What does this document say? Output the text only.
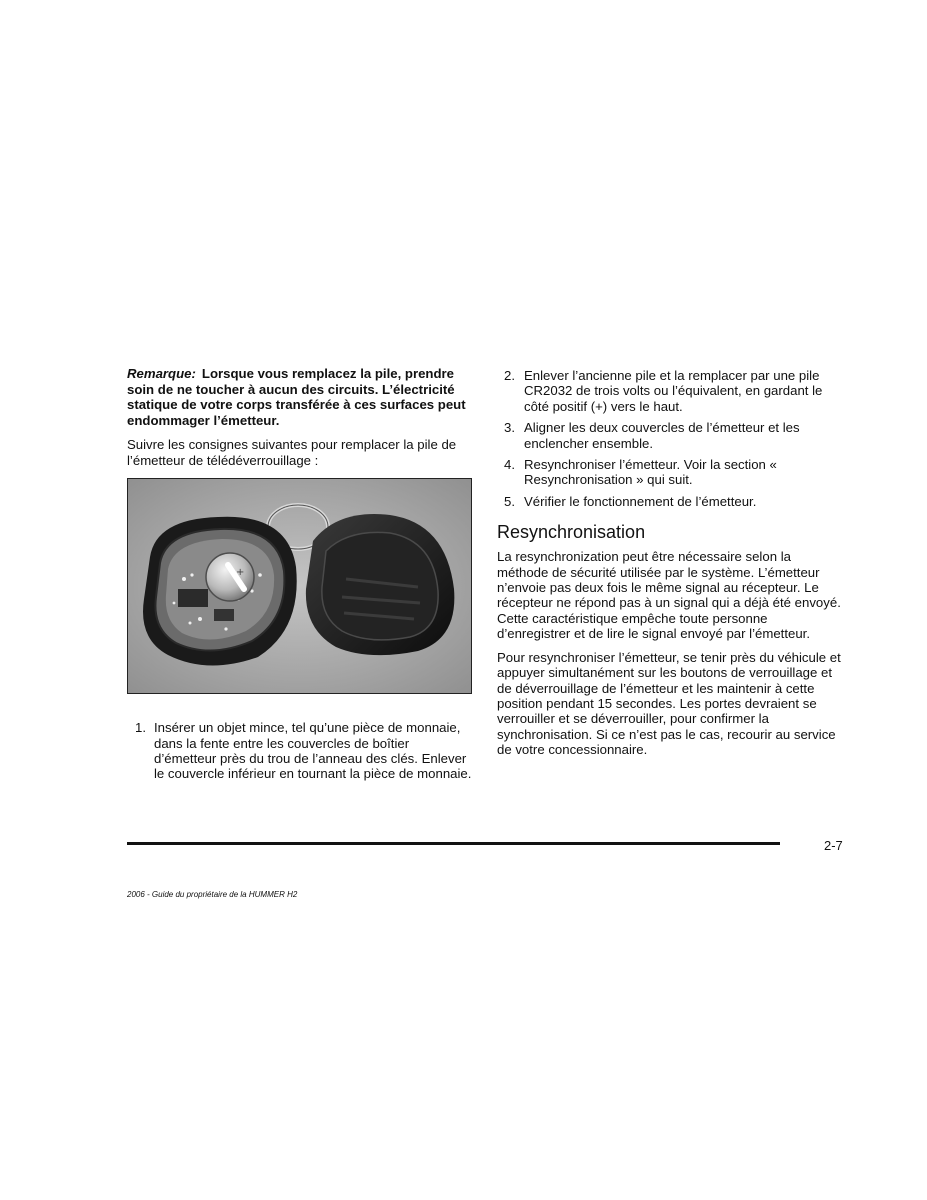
Remarque: Lorsque vous remplacez la pile, prendre soin de ne toucher à aucun des circuits. L’électricité statique de votre corps transférée à ces surfaces peut endommager l’émetteur.

Suivre les consignes suivantes pour remplacer la pile de l’émetteur de télédéverrouillage :

+
1. Insérer un objet mince, tel qu’une pièce de monnaie, dans la fente entre les couvercles de boîtier d’émetteur près du trou de l’anneau des clés. Enlever le couvercle inférieur en tournant la pièce de monnaie.
2. Enlever l’ancienne pile et la remplacer par une pile CR2032 de trois volts ou l’équivalent, en gardant le côté positif (+) vers le haut.
3. Aligner les deux couvercles de l’émetteur et les enclencher ensemble.
4. Resynchroniser l’émetteur. Voir la section « Resynchronisation » qui suit.
5. Vérifier le fonctionnement de l’émetteur.
Resynchronisation

La resynchronization peut être nécessaire selon la méthode de sécurité utilisée par le système. L’émetteur n’envoie pas deux fois le même signal au récepteur. Le récepteur ne répond pas à un signal qui a déjà été envoyé. Cette caractéristique empêche toute personne d’enregistrer et de lire le signal envoyé par l’émetteur.

Pour resynchroniser l’émetteur, se tenir près du véhicule et appuyer simultanément sur les boutons de verrouillage et de déverrouillage de l’émetteur et les maintenir à cette position pendant 15 secondes. Les portes devraient se verrouiller et se déverrouiller, pour confirmer la synchronisation. Si ce n’est pas le cas, recourir au service de votre concessionnaire.

2-7
2006 - Guide du propriétaire de la HUMMER H2
